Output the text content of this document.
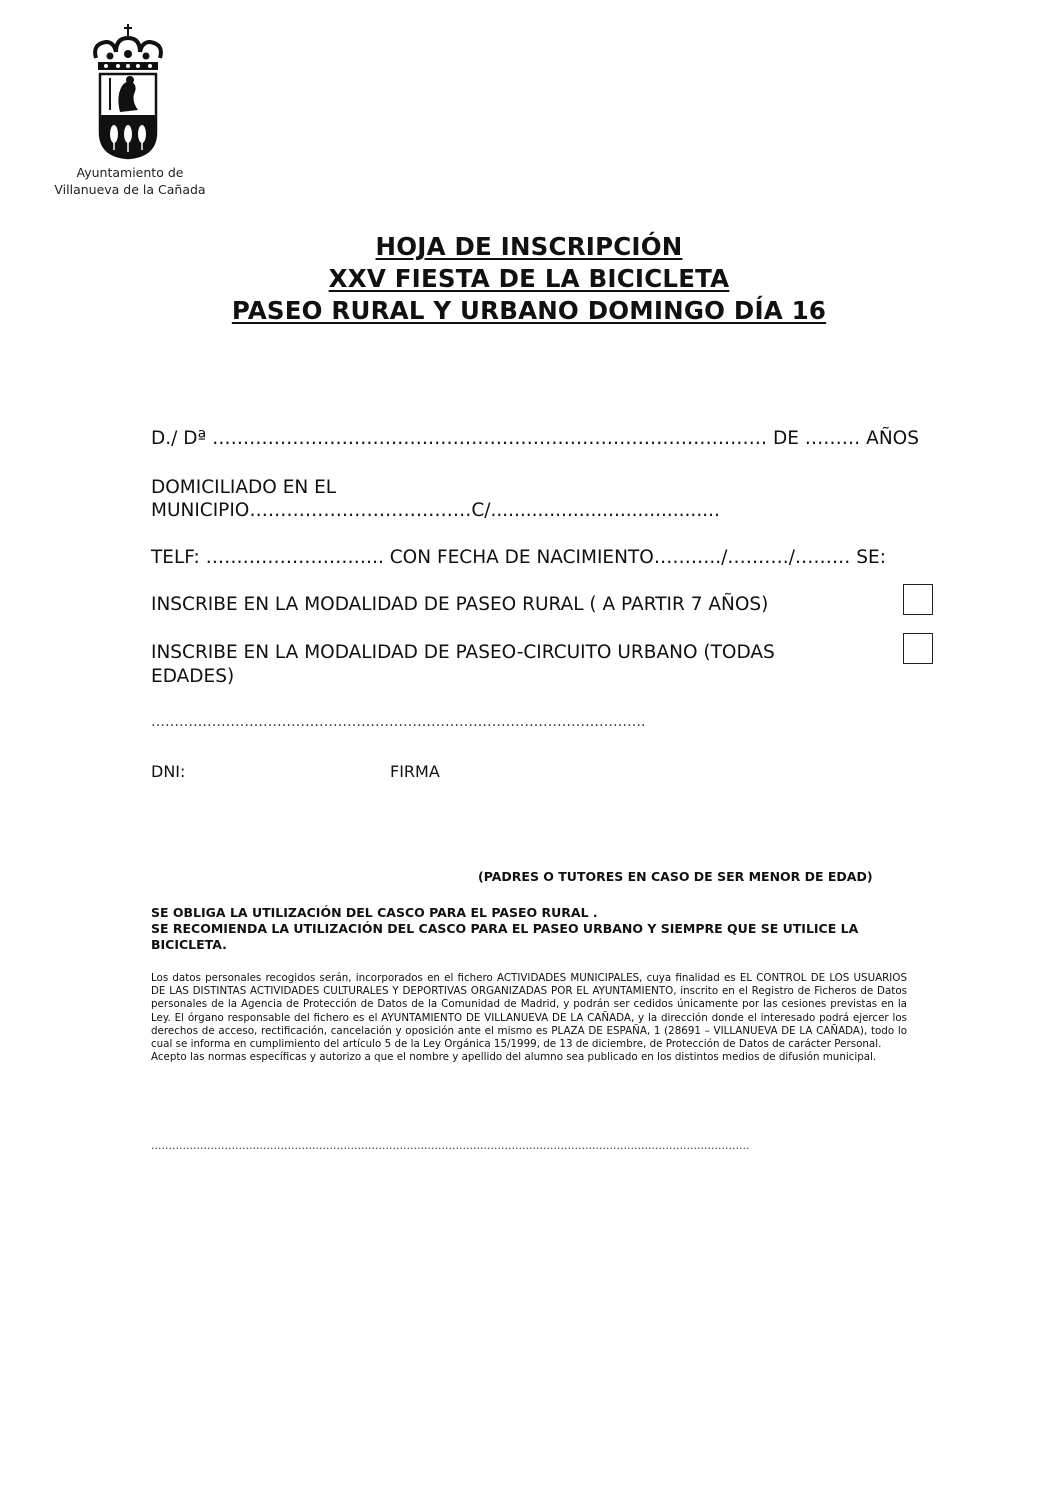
Ayuntamiento de
Villanueva de la Cañada
HOJA DE INSCRIPCIÓN
XXV FIESTA DE LA BICICLETA
PASEO RURAL Y URBANO DOMINGO DÍA 16
D./ Dª ……………………………………………………………………………… DE ……… AÑOS
DOMICILIADO EN EL
MUNICIPIO………………………………C/.......................................
TELF: ……………………….. CON FECHA DE NACIMIENTO………../………./……… SE:
INSCRIBE EN LA MODALIDAD DE PASEO RURAL ( A PARTIR 7 AÑOS)
INSCRIBE EN LA MODALIDAD DE PASEO-CIRCUITO URBANO (TODAS
EDADES)
…………………………………………………………………………………………….
DNI:	FIRMA
(PADRES O TUTORES EN CASO DE SER MENOR DE EDAD)
SE OBLIGA LA UTILIZACIÓN DEL CASCO PARA EL PASEO RURAL .
SE RECOMIENDA LA UTILIZACIÓN DEL CASCO PARA EL PASEO URBANO Y SIEMPRE QUE SE UTILICE LA
BICICLETA.

Los datos personales recogidos serán, incorporados en el fichero ACTIVIDADES MUNICIPALES, cuya finalidad es EL CONTROL DE LOS USUARIOS DE LAS DISTINTAS ACTIVIDADES CULTURALES Y DEPORTIVAS ORGANIZADAS POR EL AYUNTAMIENTO, inscrito en el Registro de Ficheros de Datos personales de la Agencia de Protección de Datos de la Comunidad de Madrid, y podrán ser cedidos únicamente por las cesiones previstas en la Ley. El órgano responsable del fichero es el AYUNTAMIENTO DE VILLANUEVA DE LA CAÑADA, y la dirección donde el interesado podrá ejercer los derechos de acceso, rectificación, cancelación y oposición ante el mismo es PLAZA DE ESPAÑA, 1 (28691 – VILLANUEVA DE LA CAÑADA), todo lo cual se informa en cumplimiento del artículo 5 de la Ley Orgánica 15/1999, de 13 de diciembre, de Protección de Datos de carácter Personal.

Acepto las normas específicas y autorizo a que el nombre y apellido del alumno sea publicado en los distintos medios de difusión municipal.

………………………………………………………………………………………………………………………………………………………
